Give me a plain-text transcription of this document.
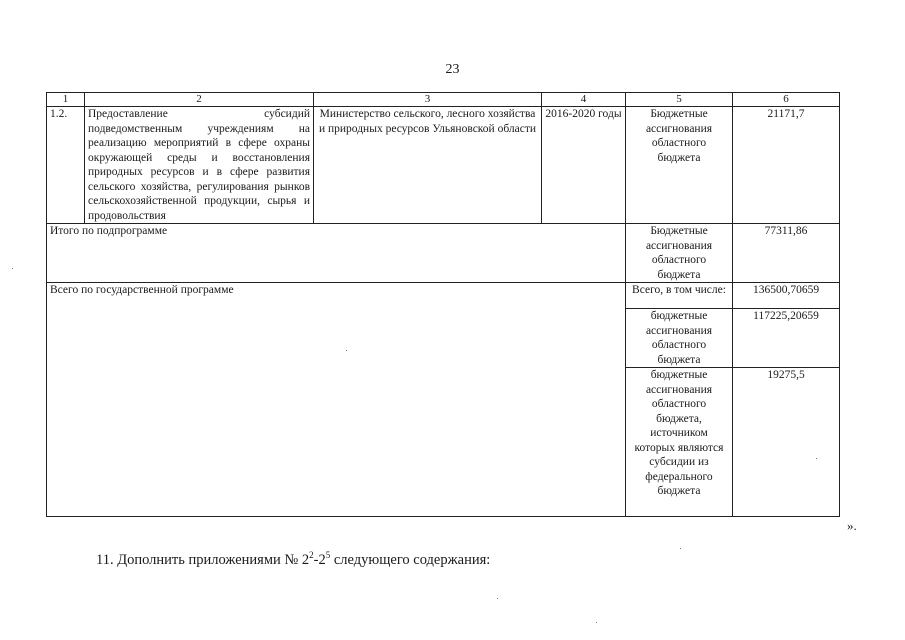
23
1	2	3	4	5	6
1.2.	Предоставление субсидий подведомственным учреждениям на реализацию мероприятий в сфере охраны окружающей среды и восстановления природных ресурсов и в сфере развития сельского хозяйства, регулирования рынков сельскохозяйственной продукции, сырья и продовольствия	Министерство сельского, лесного хозяйства и природных ресурсов Ульяновской области	2016-2020 годы	Бюджетные ассигнования областного бюджета	21171,7
Итого по подпрограмме				Бюджетные ассигнования областного бюджета	77311,86
Всего по государственной программе				Всего, в том числе:	136500,70659
				бюджетные ассигнования областного бюджета	117225,20659
				бюджетные ассигнования областного бюджета, источником которых являются субсидии из федерального бюджета	19275,5
».
11. Дополнить приложениями № $2^2-2^5$ следующего содержания:
